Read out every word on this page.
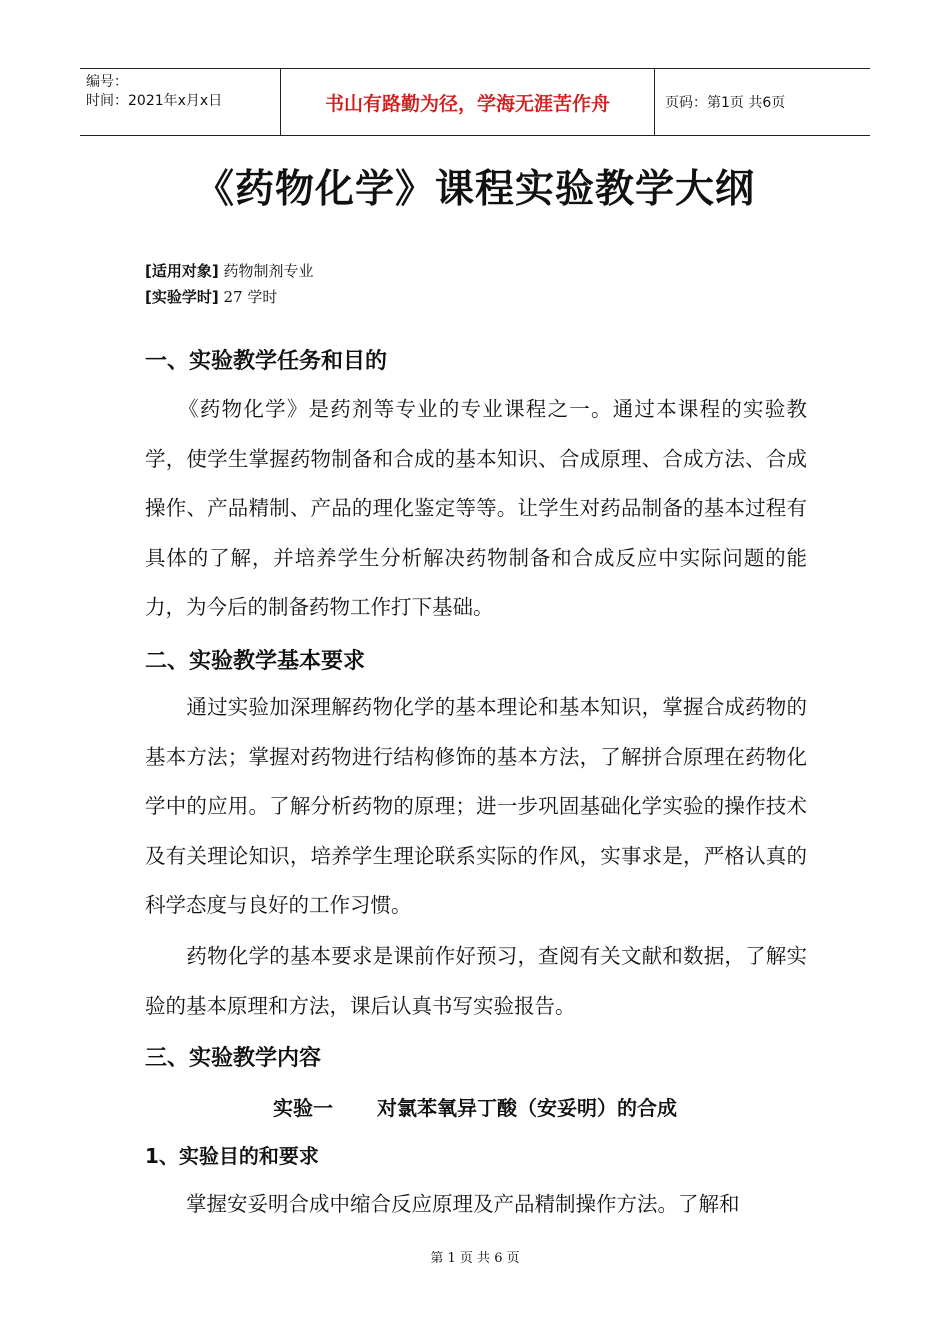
编号：
时间：2021年x月x日	书山有路勤为径，学海无涯苦作舟	页码：第1页 共6页
《药物化学》课程实验教学大纲
[适用对象] 药物制剂专业
[实验学时] 27 学时
一、实验教学任务和目的

　　《药物化学》是药剂等专业的专业课程之一。通过本课程的实验教学，使学生掌握药物制备和合成的基本知识、合成原理、合成方法、合成操作、产品精制、产品的理化鉴定等等。让学生对药品制备的基本过程有具体的了解，并培养学生分析解决药物制备和合成反应中实际问题的能力，为今后的制备药物工作打下基础。

二、实验教学基本要求

　　通过实验加深理解药物化学的基本理论和基本知识，掌握合成药物的基本方法；掌握对药物进行结构修饰的基本方法，了解拼合原理在药物化学中的应用。了解分析药物的原理；进一步巩固基础化学实验的操作技术及有关理论知识，培养学生理论联系实际的作风，实事求是，严格认真的科学态度与良好的工作习惯。

　　药物化学的基本要求是课前作好预习，查阅有关文献和数据，了解实验的基本原理和方法，课后认真书写实验报告。

三、实验教学内容
实验一 对氯苯氧异丁酸（安妥明）的合成
1、实验目的和要求

　　掌握安妥明合成中缩合反应原理及产品精制操作方法。了解和

第 1 页 共 6 页
